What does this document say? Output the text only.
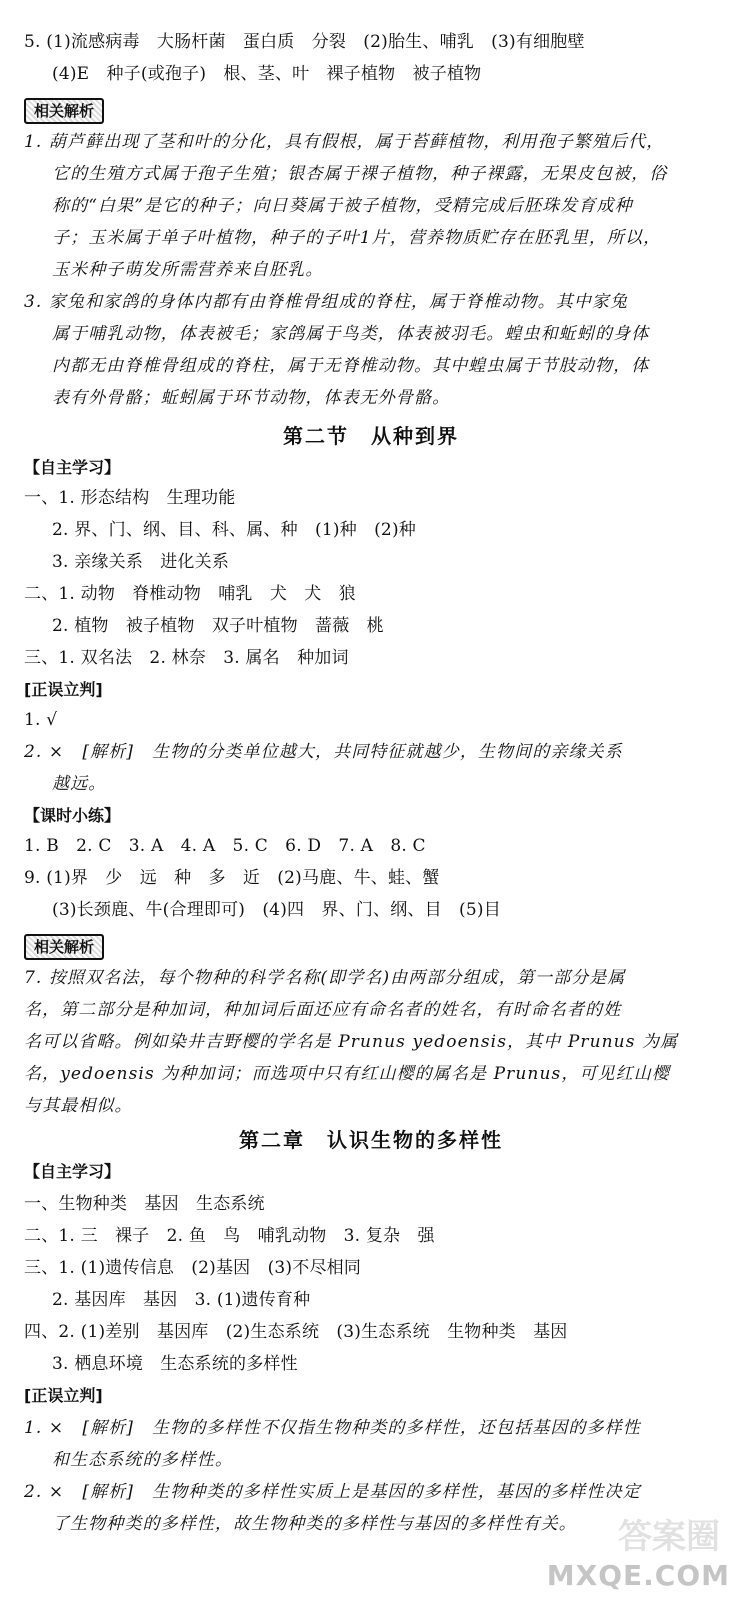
5. (1)流感病毒　大肠杆菌　蛋白质　分裂　(2)胎生、哺乳　(3)有细胞壁
(4)E　种子(或孢子)　根、茎、叶　裸子植物　被子植物
相关解析
1. 葫芦藓出现了茎和叶的分化，具有假根，属于苔藓植物，利用孢子繁殖后代，
它的生殖方式属于孢子生殖；银杏属于裸子植物，种子裸露，无果皮包被，俗
称的“白果”是它的种子；向日葵属于被子植物，受精完成后胚珠发育成种
子；玉米属于单子叶植物，种子的子叶1片，营养物质贮存在胚乳里，所以，
玉米种子萌发所需营养来自胚乳。
3. 家兔和家鸽的身体内都有由脊椎骨组成的脊柱，属于脊椎动物。其中家兔
属于哺乳动物，体表被毛；家鸽属于鸟类，体表被羽毛。蝗虫和蚯蚓的身体
内都无由脊椎骨组成的脊柱，属于无脊椎动物。其中蝗虫属于节肢动物，体
表有外骨骼；蚯蚓属于环节动物，体表无外骨骼。
第二节　从种到界
【自主学习】
一、1. 形态结构　生理功能
2. 界、门、纲、目、科、属、种　(1)种　(2)种
3. 亲缘关系　进化关系
二、1. 动物　脊椎动物　哺乳　犬　犬　狼
2. 植物　被子植物　双子叶植物　蔷薇　桃
三、1. 双名法　2. 林奈　3. 属名　种加词
[正误立判]
1. √
2. ×　[解析]　生物的分类单位越大，共同特征就越少，生物间的亲缘关系
越远。
【课时小练】
1. B　2. C　3. A　4. A　5. C　6. D　7. A　8. C
9. (1)界　少　远　种　多　近　(2)马鹿、牛、蛙、蟹
(3)长颈鹿、牛(合理即可)　(4)四　界、门、纲、目　(5)目
相关解析
7. 按照双名法，每个物种的科学名称(即学名)由两部分组成，第一部分是属
名，第二部分是种加词，种加词后面还应有命名者的姓名，有时命名者的姓
名可以省略。例如染井吉野樱的学名是 Prunus yedoensis，其中 Prunus 为属
名，yedoensis 为种加词；而选项中只有红山樱的属名是 Prunus，可见红山樱
与其最相似。
第二章　认识生物的多样性
【自主学习】
一、生物种类　基因　生态系统
二、1. 三　裸子　2. 鱼　鸟　哺乳动物　3. 复杂　强
三、1. (1)遗传信息　(2)基因　(3)不尽相同
2. 基因库　基因　3. (1)遗传育种
四、2. (1)差别　基因库　(2)生态系统　(3)生态系统　生物种类　基因
3. 栖息环境　生态系统的多样性
[正误立判]
1. ×　[解析]　生物的多样性不仅指生物种类的多样性，还包括基因的多样性
和生态系统的多样性。
2. ×　[解析]　生物种类的多样性实质上是基因的多样性，基因的多样性决定
了生物种类的多样性，故生物种类的多样性与基因的多样性有关。	答案圈
MXQE.COM
